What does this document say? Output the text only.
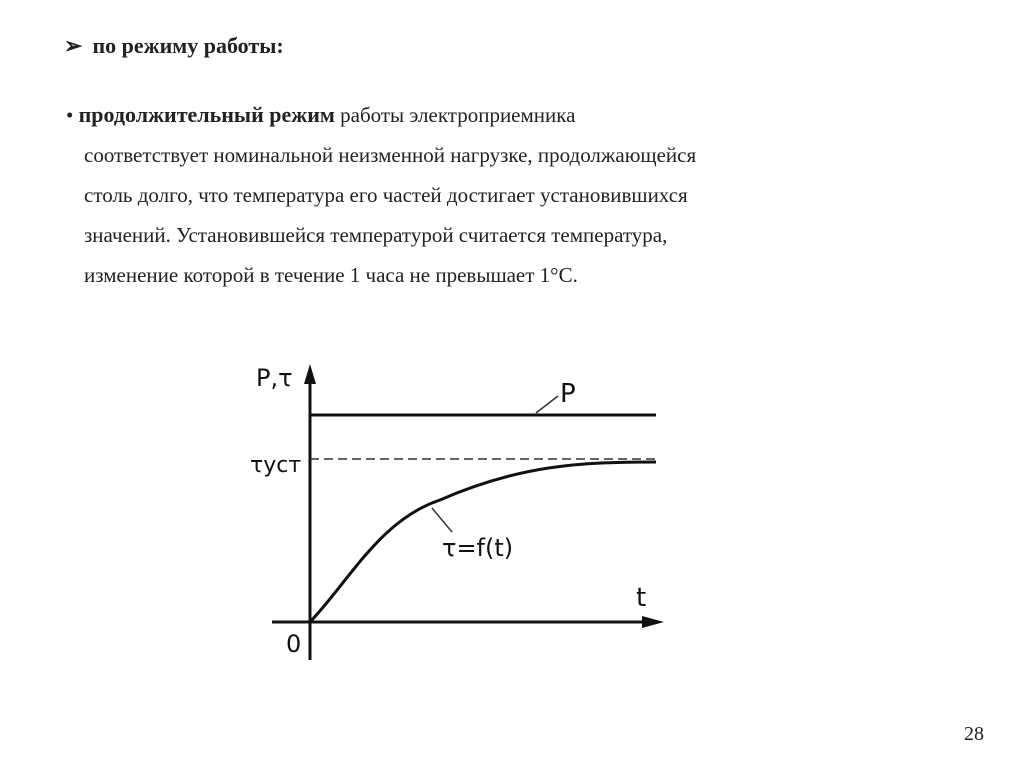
➢ по режиму работы:
• продолжительный режим работы электроприемника
соответствует номинальной неизменной нагрузке, продолжающейся
столь долго, что температура его частей достигает установившихся
значений. Установившейся температурой считается температура,
изменение которой в течение 1 часа не превышает 1°С.
P,τ
t
0
P
τуст
τ=f(t)
28
